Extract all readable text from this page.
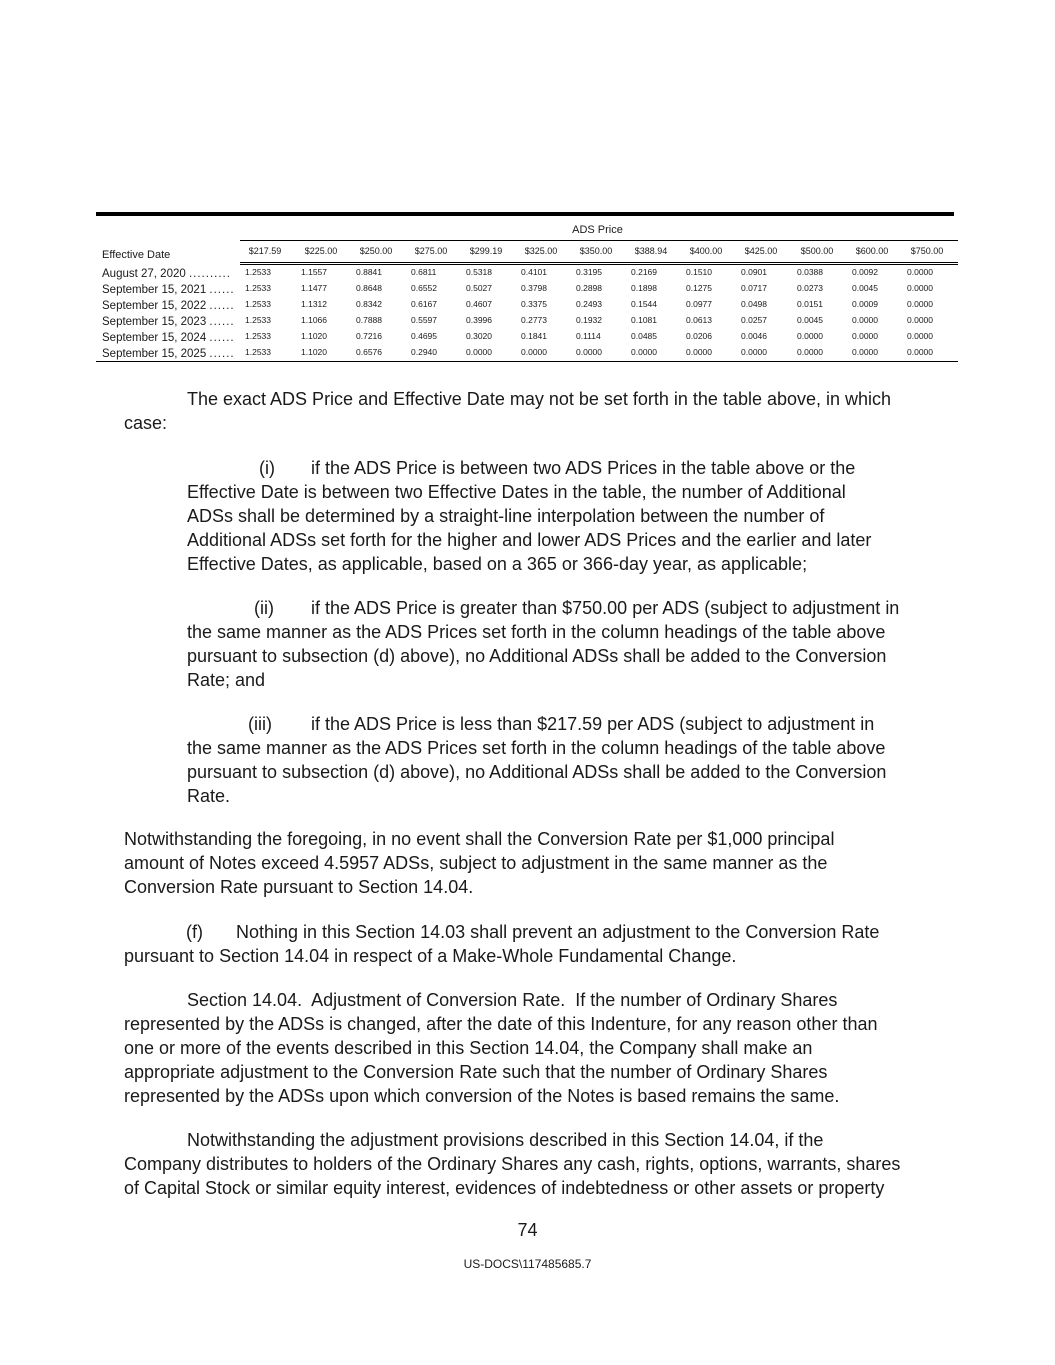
ADS Price
Effective Date	$217.59	$225.00	$250.00	$275.00	$299.19	$325.00	$350.00	$388.94	$400.00	$425.00	$500.00	$600.00	$750.00
August 27, 2020 .......... 1.2533	1.1557	0.8841	0.6811	0.5318	0.4101	0.3195	0.2169	0.1510	0.0901	0.0388	0.0092	0.0000
September 15, 2021 ...... 1.2533	1.1477	0.8648	0.6552	0.5027	0.3798	0.2898	0.1898	0.1275	0.0717	0.0273	0.0045	0.0000
September 15, 2022 ...... 1.2533	1.1312	0.8342	0.6167	0.4607	0.3375	0.2493	0.1544	0.0977	0.0498	0.0151	0.0009	0.0000
September 15, 2023 ...... 1.2533	1.1066	0.7888	0.5597	0.3996	0.2773	0.1932	0.1081	0.0613	0.0257	0.0045	0.0000	0.0000
September 15, 2024 ...... 1.2533	1.1020	0.7216	0.4695	0.3020	0.1841	0.1114	0.0485	0.0206	0.0046	0.0000	0.0000	0.0000
September 15, 2025 ...... 1.2533	1.1020	0.6576	0.2940	0.0000	0.0000	0.0000	0.0000	0.0000	0.0000	0.0000	0.0000	0.0000
The exact ADS Price and Effective Date may not be set forth in the table above, in which
case:
(i) if the ADS Price is between two ADS Prices in the table above or the
Effective Date is between two Effective Dates in the table, the number of Additional
ADSs shall be determined by a straight-line interpolation between the number of
Additional ADSs set forth for the higher and lower ADS Prices and the earlier and later
Effective Dates, as applicable, based on a 365 or 366-day year, as applicable;
(ii) if the ADS Price is greater than $750.00 per ADS (subject to adjustment in
the same manner as the ADS Prices set forth in the column headings of the table above
pursuant to subsection (d) above), no Additional ADSs shall be added to the Conversion
Rate; and
(iii) if the ADS Price is less than $217.59 per ADS (subject to adjustment in
the same manner as the ADS Prices set forth in the column headings of the table above
pursuant to subsection (d) above), no Additional ADSs shall be added to the Conversion
Rate.
Notwithstanding the foregoing, in no event shall the Conversion Rate per $1,000 principal
amount of Notes exceed 4.5957 ADSs, subject to adjustment in the same manner as the
Conversion Rate pursuant to Section 14.04.
(f) Nothing in this Section 14.03 shall prevent an adjustment to the Conversion Rate
pursuant to Section 14.04 in respect of a Make-Whole Fundamental Change.
Section 14.04.  Adjustment of Conversion Rate.  If the number of Ordinary Shares
represented by the ADSs is changed, after the date of this Indenture, for any reason other than
one or more of the events described in this Section 14.04, the Company shall make an
appropriate adjustment to the Conversion Rate such that the number of Ordinary Shares
represented by the ADSs upon which conversion of the Notes is based remains the same.
Notwithstanding the adjustment provisions described in this Section 14.04, if the
Company distributes to holders of the Ordinary Shares any cash, rights, options, warrants, shares
of Capital Stock or similar equity interest, evidences of indebtedness or other assets or property
74
US-DOCS\117485685.7
